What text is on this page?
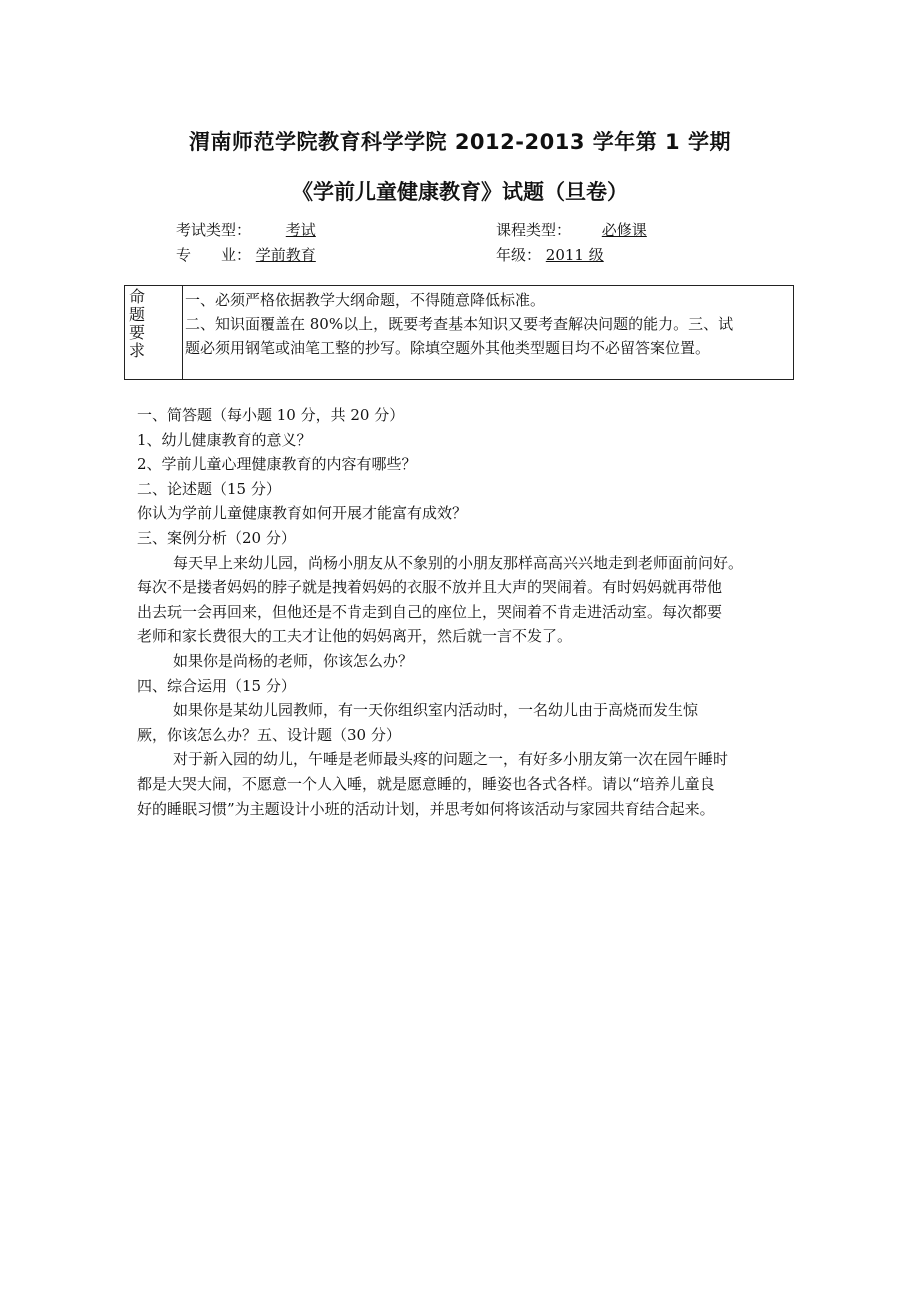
渭南师范学院教育科学学院 2012-2013 学年第 1 学期
《学前儿童健康教育》试题（旦卷）
考试类型： 考试	课程类型： 必修课
专　　业： 学前教育	年级： 2011 级
命
题
要
求

一、必须严格依据教学大纲命题，不得随意降低标准。

二、知识面覆盖在 80%以上，既要考查基本知识又要考查解决问题的能力。三、试

题必须用钢笔或油笔工整的抄写。除填空题外其他类型题目均不必留答案位置。

一、简答题（每小题 10 分，共 20 分）

1、幼儿健康教育的意义？

2、学前儿童心理健康教育的内容有哪些？

二、论述题（15 分）

你认为学前儿童健康教育如何开展才能富有成效？

三、案例分析（20 分）

每天早上来幼儿园，尚杨小朋友从不象别的小朋友那样高高兴兴地走到老师面前问好。

每次不是搂者妈妈的脖子就是拽着妈妈的衣服不放并且大声的哭闹着。有时妈妈就再带他

出去玩一会再回来，但他还是不肯走到自己的座位上，哭闹着不肯走进活动室。每次都要

老师和家长费很大的工夫才让他的妈妈离开，然后就一言不发了。

如果你是尚杨的老师，你该怎么办？

四、综合运用（15 分）

如果你是某幼儿园教师，有一天你组织室内活动时，一名幼儿由于高烧而发生惊

厥，你该怎么办？五、设计题（30 分）

对于新入园的幼儿，午唾是老师最头疼的问题之一，有好多小朋友第一次在园午睡时

都是大哭大闹，不愿意一个人入唾，就是愿意睡的，睡姿也各式各样。请以“培养儿童良

好的睡眠习惯”为主题设计小班的活动计划，并思考如何将该活动与家园共育结合起来。
